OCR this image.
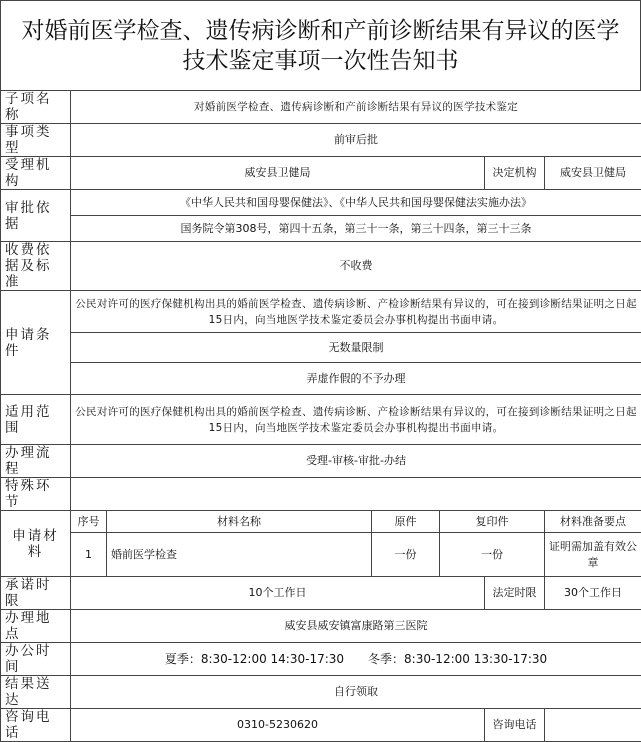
对婚前医学检查、遗传病诊断和产前诊断结果有异议的医学
技术鉴定事项一次性告知书
子项名称	对婚前医学检查、遗传病诊断和产前诊断结果有异议的医学技术鉴定					
事项类型	前审后批					
受理机构	威安县卫健局				决定机构	威安县卫健局
审批依据	《中华人民共和国母婴保健法》、《中华人民共和国母婴保健法实施办法》					
	国务院令第308号，第四十五条，第三十一条，第三十四条，第三十三条					
收费依据及标准	不收费					
申请条件	公民对许可的医疗保健机构出具的婚前医学检查、遗传病诊断、产检诊断结果有异议的，可在接到诊断结果证明之日起15日内，向当地医学技术鉴定委员会办事机构提出书面申请。					
	无数量限制					
	弄虚作假的不予办理					
适用范围	公民对许可的医疗保健机构出具的婚前医学检查、遗传病诊断、产检诊断结果有异议的，可在接到诊断结果证明之日起15日内，向当地医学技术鉴定委员会办事机构提出书面申请。					
办理流程	受理-审核-审批-办结					
特殊环节						
申请材料	序号	材料名称	原件	复印件		材料准备要点
	1	婚前医学检查	一份	一份		证明需加盖有效公章
承诺时限	10个工作日				法定时限	30个工作日
办理地点	威安县威安镇富康路第三医院					
办公时间	夏季：8:30-12:00 14:30-17:30　　冬季：8:30-12:00 13:30-17:30					
结果送达	自行领取					
咨询电话	0310-5230620				咨询电话	
